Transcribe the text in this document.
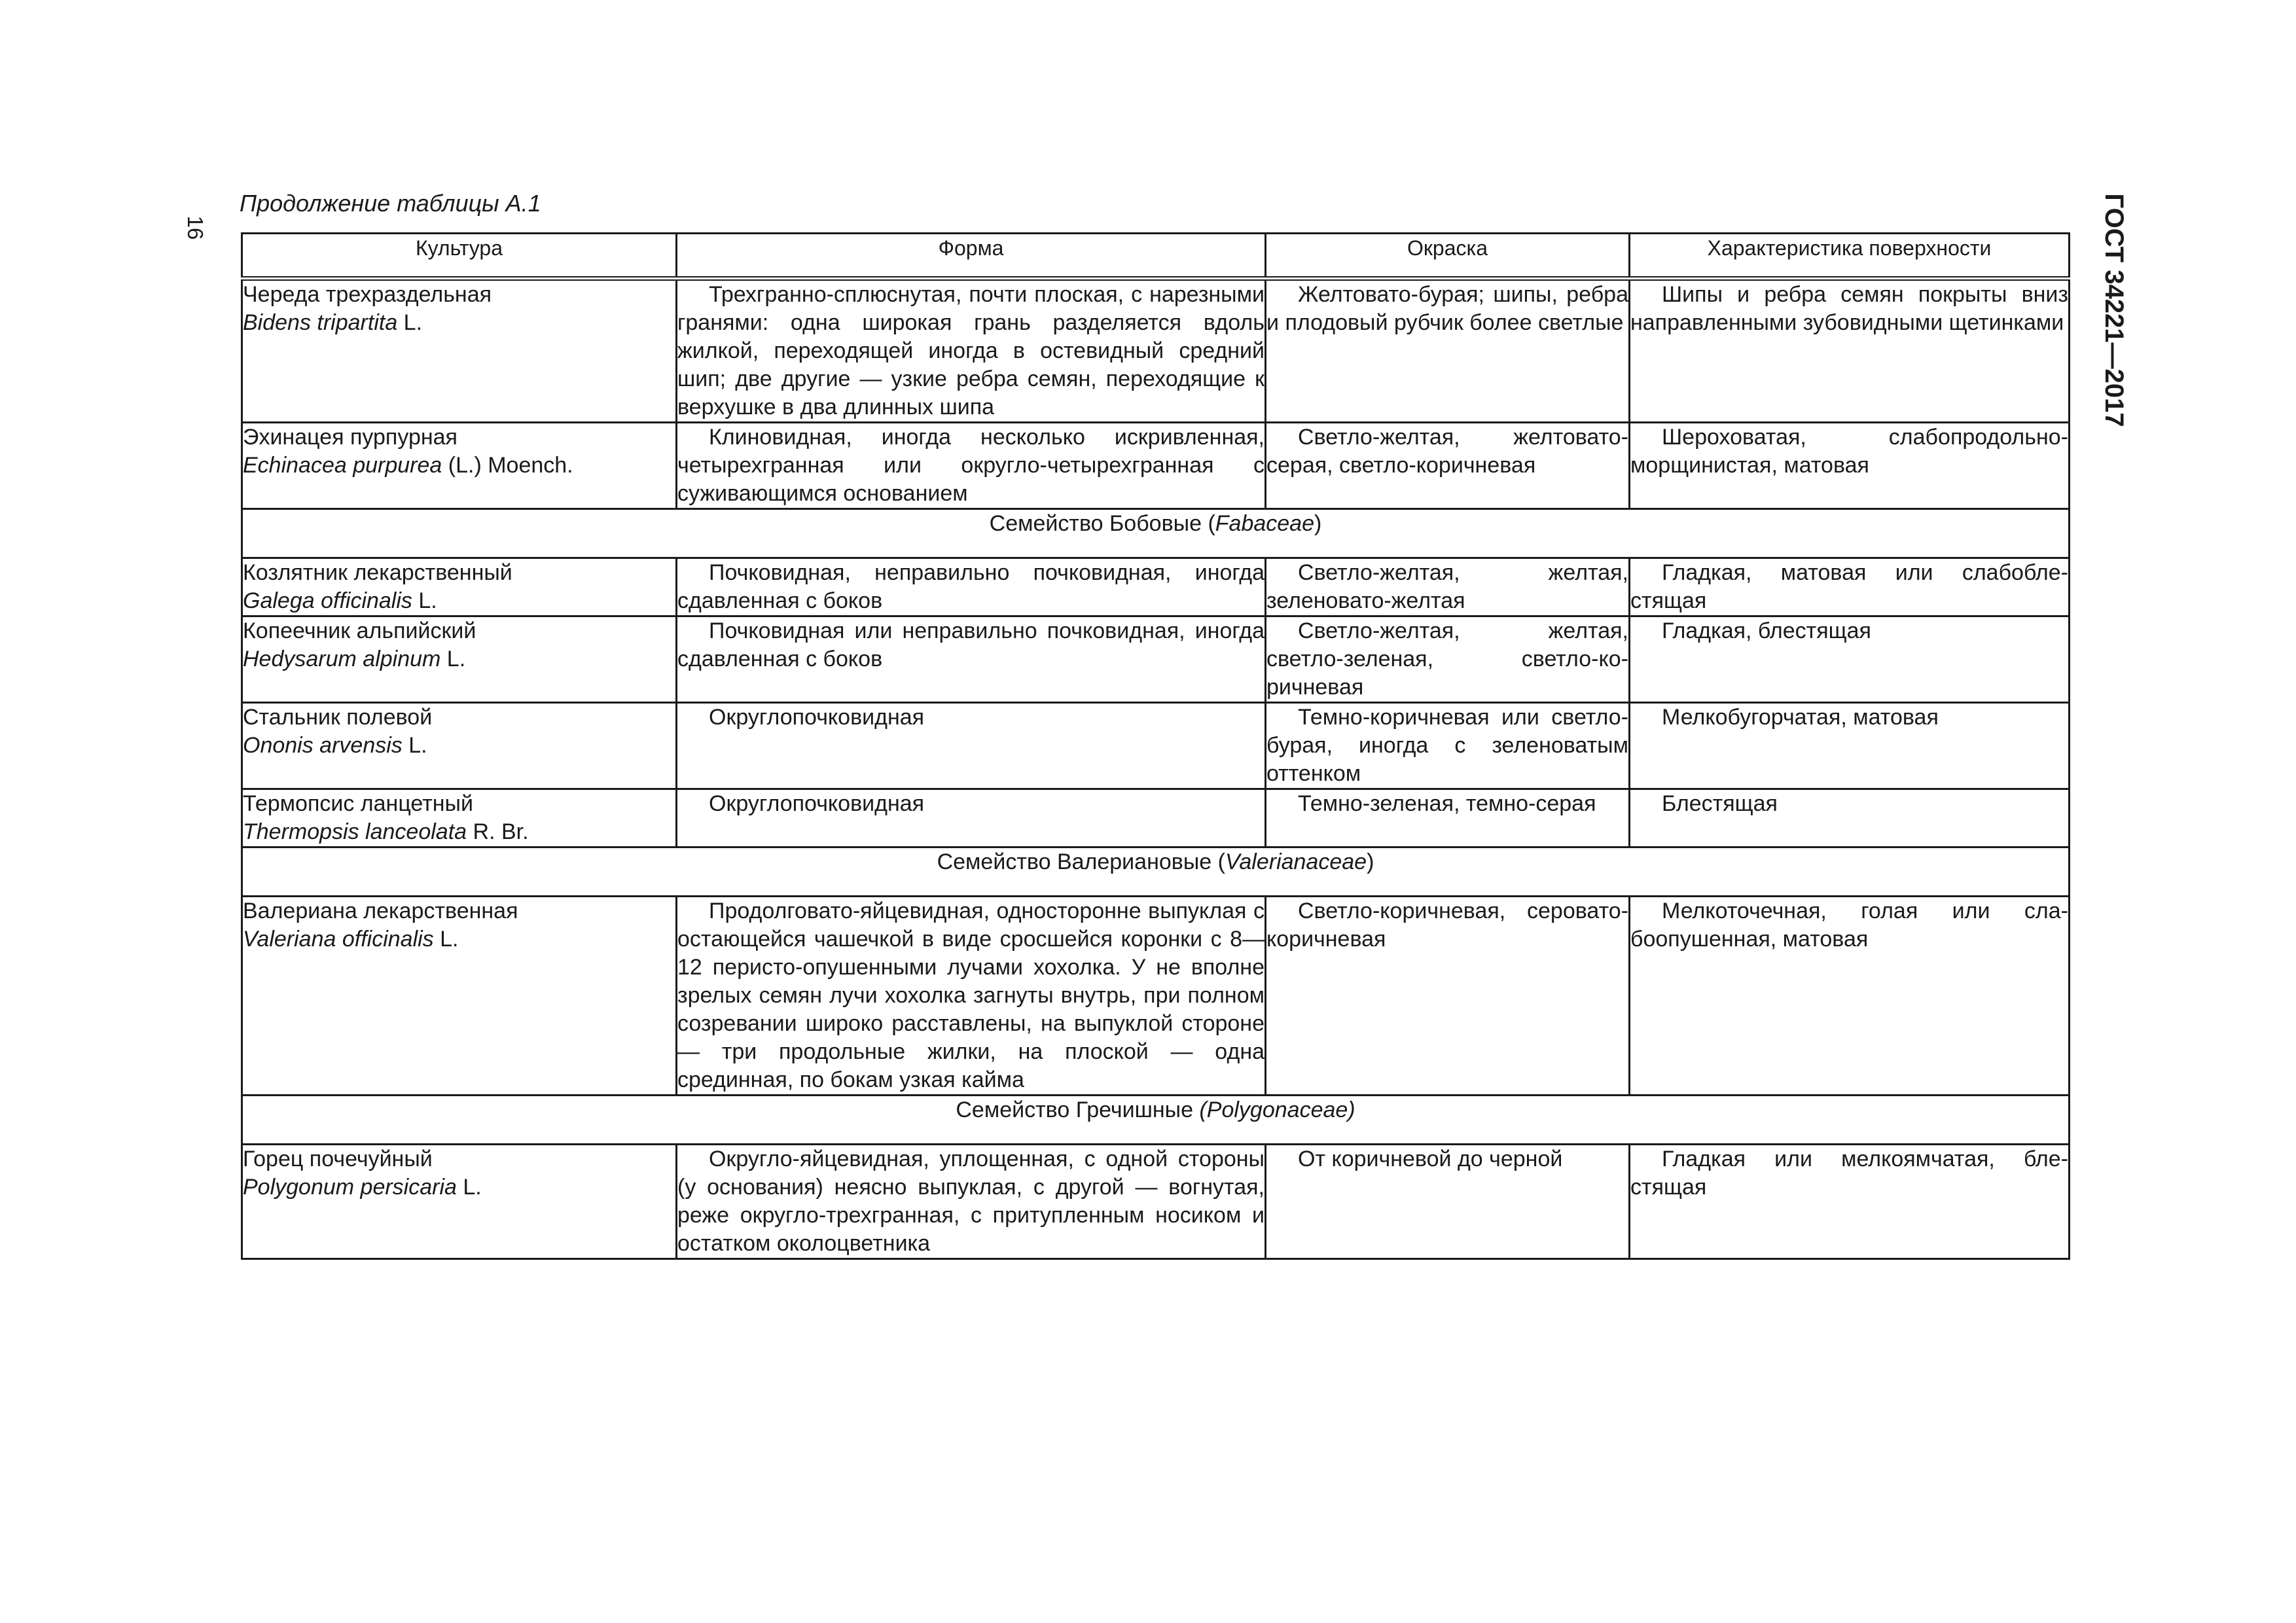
16
Продолжение таблицы А.1	ГОСТ 34221—2017
Культура	Форма	Окраска	Характеристика поверхности

Череда трехраздельная
Bidens tripartita L.	Трехгранно-сплюснутая, почти плоская, с нарезными гранями: одна широкая грань разделяется вдоль жилкой, переходящей иногда в остевидный средний шип; две другие — узкие ребра семян, переходящие к верхушке в два длинных шипа	Желтовато-бурая; шипы, ребра и плодовый рубчик более светлые	Шипы и ребра семян покрыты вниз направленными зубовидными щетинками

Эхинацея пурпурная
Echinacea purpurea (L.) Moench.	Клиновидная, иногда несколько искривленная, четырехгранная или округло-четырехгранная с суживающимся основанием	Светло-желтая, желтовато-серая, светло-коричневая	Шероховатая, слабопродольно-морщинистая, матовая
Семейство Бобовые (Fabaceae)			

Козлятник лекарственный
Galega officinalis L.	Почковидная, неправильно почковидная, иногда сдавленная с боков	Светло-желтая, желтая, зеленовато-желтая	Гладкая, матовая или слабоблестящая

Копеечник альпийский
Hedysarum alpinum L.	Почковидная или неправильно почковидная, иногда сдавленная с боков	Светло-желтая, желтая, светло-зеленая, светло-коричневая	Гладкая, блестящая

Стальник полевой
Ononis arvensis L.	Округлопочковидная	Темно-коричневая или светло-бурая, иногда с зеленоватым оттенком	Мелкобугорчатая, матовая

Термопсис ланцетный
Thermopsis lanceolata R. Br.	Округлопочковидная	Темно-зеленая, темно-серая	Блестящая
Семейство Валериановые (Valerianaceae)			

Валериана лекарственная
Valeriana officinalis L.	Продолговато-яйцевидная, односторонне выпуклая с остающейся чашечкой в виде сросшейся коронки с 8—12 перисто-опушенными лучами хохолка. У не вполне зрелых семян лучи хохолка загнуты внутрь, при полном созревании широко расставлены, на выпуклой стороне — три продольные жилки, на плоской — одна срединная, по бокам узкая кайма	Светло-коричневая, серовато-коричневая	Мелкоточечная, голая или слабоопушенная, матовая
Семейство Гречишные (Polygonaceae)			

Горец почечуйный
Polygonum persicaria L.	Округло-яйцевидная, уплощенная, с одной стороны (у основания) неясно выпуклая, с другой — вогнутая, реже округло-трехгранная, с притупленным носиком и остатком околоцветника	От коричневой до черной	Гладкая или мелкоямчатая, блестящая
